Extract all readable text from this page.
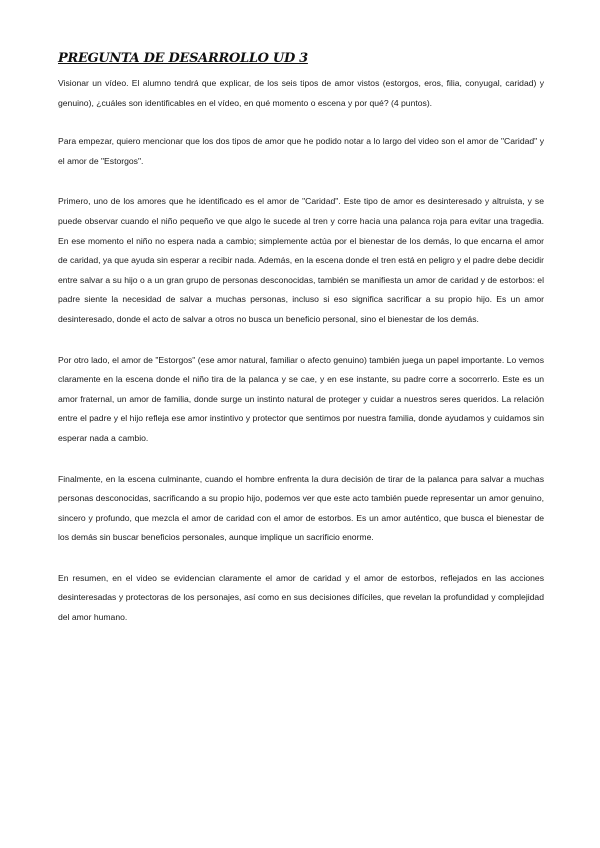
PREGUNTA DE DESARROLLO UD 3

Visionar un vídeo. El alumno tendrá que explicar, de los seis tipos de amor vistos (estorgos, eros, filia, conyugal, caridad) y genuino), ¿cuáles son identificables en el vídeo, en qué momento o escena y por qué? (4 puntos).

Para empezar, quiero mencionar que los dos tipos de amor que he podido notar a lo largo del video son el amor de "Caridad" y el amor de "Estorgos".

Primero, uno de los amores que he identificado es el amor de "Caridad". Este tipo de amor es desinteresado y altruista, y se puede observar cuando el niño pequeño ve que algo le sucede al tren y corre hacia una palanca roja para evitar una tragedia. En ese momento el niño no espera nada a cambio; simplemente actúa por el bienestar de los demás, lo que encarna el amor de caridad, ya que ayuda sin esperar a recibir nada. Además, en la escena donde el tren está en peligro y el padre debe decidir entre salvar a su hijo o a un gran grupo de personas desconocidas, también se manifiesta un amor de caridad y de estorbos: el padre siente la necesidad de salvar a muchas personas, incluso si eso significa sacrificar a su propio hijo. Es un amor desinteresado, donde el acto de salvar a otros no busca un beneficio personal, sino el bienestar de los demás.

Por otro lado, el amor de "Estorgos" (ese amor natural, familiar o afecto genuino) también juega un papel importante. Lo vemos claramente en la escena donde el niño tira de la palanca y se cae, y en ese instante, su padre corre a socorrerlo. Este es un amor fraternal, un amor de familia, donde surge un instinto natural de proteger y cuidar a nuestros seres queridos. La relación entre el padre y el hijo refleja ese amor instintivo y protector que sentimos por nuestra familia, donde ayudamos y cuidamos sin esperar nada a cambio.

Finalmente, en la escena culminante, cuando el hombre enfrenta la dura decisión de tirar de la palanca para salvar a muchas personas desconocidas, sacrificando a su propio hijo, podemos ver que este acto también puede representar un amor genuino, sincero y profundo, que mezcla el amor de caridad con el amor de estorbos. Es un amor auténtico, que busca el bienestar de los demás sin buscar beneficios personales, aunque implique un sacrificio enorme.

En resumen, en el video se evidencian claramente el amor de caridad y el amor de estorbos, reflejados en las acciones desinteresadas y protectoras de los personajes, así como en sus decisiones difíciles, que revelan la profundidad y complejidad del amor humano.
